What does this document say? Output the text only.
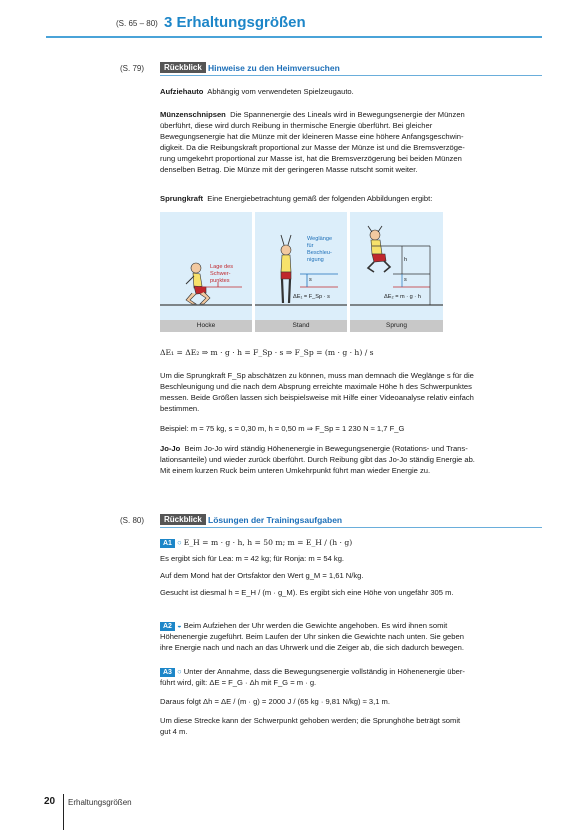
(S. 65 – 80) 3 Erhaltungsgrößen
(S. 79)	Rückblick Hinweise zu den Heimversuchen
Aufziehauto Abhängig vom verwendeten Spielzeugauto.
Münzenschnipsen Die Spannenergie des Lineals wird in Bewegungsenergie der Münzen
überführt, diese wird durch Reibung in thermische Energie überführt. Bei gleicher
Bewegungsenergie hat die Münze mit der kleineren Masse eine höhere Anfangsgeschwin-
digkeit. Da die Reibungskraft proportional zur Masse der Münze ist und die Bremsverzöge-
rung umgekehrt proportional zur Masse ist, hat die Bremsverzögerung bei beiden Münzen
denselben Betrag. Die Münze mit der geringeren Masse rutscht somit weiter.
Sprungkraft Eine Energiebetrachtung gemäß der folgenden Abbildungen ergibt:
Lage des
Schwer-
punktes
Weglänge
für
Beschleu-
nigung
s
ΔE₁ = F_Sp · s
h
s
ΔE₂ = m · g · h
Hocke	Stand	Sprung
ΔE₁ = ΔE₂ ⇒ m · g · h = F_Sp · s ⇒ F_Sp = (m · g · h) / s
Um die Sprungkraft F_Sp abschätzen zu können, muss man demnach die Weglänge s für die
Beschleunigung und die nach dem Absprung erreichte maximale Höhe h des Schwerpunktes
messen. Beide Größen lassen sich beispielsweise mit Hilfe einer Videoanalyse relativ einfach
bestimmen.
Beispiel: m = 75 kg, s = 0,30 m, h = 0,50 m ⇒ F_Sp = 1 230 N ≈ 1,7 F_G
Jo-Jo Beim Jo-Jo wird ständig Höhenenergie in Bewegungsenergie (Rotations- und Trans-
lationsanteile) und wieder zurück überführt. Durch Reibung gibt das Jo-Jo ständig Energie ab.
Mit einem kurzen Ruck beim unteren Umkehrpunkt führt man wieder Energie zu.
(S. 80)	Rückblick Lösungen der Trainingsaufgaben
A1 ○ E_H = m · g · h, h = 50 m; m = E_H / (h · g)
Es ergibt sich für Lea: m = 42 kg; für Ronja: m = 54 kg.
Auf dem Mond hat der Ortsfaktor den Wert g_M = 1,61 N/kg.
Gesucht ist diesmal h = E_H / (m · g_M). Es ergibt sich eine Höhe von ungefähr 305 m.
A2 ◒ Beim Aufziehen der Uhr werden die Gewichte angehoben. Es wird ihnen somit
Höhenenergie zugeführt. Beim Laufen der Uhr sinken die Gewichte nach unten. Sie geben
ihre Energie nach und nach an das Uhrwerk und die Zeiger ab, die sich dadurch bewegen.
A3 ○ Unter der Annahme, dass die Bewegungsenergie vollständig in Höhenenergie über-
führt wird, gilt: ΔE = F_G · Δh mit F_G = m · g.
Daraus folgt Δh = ΔE / (m · g) = 2000 J / (65 kg · 9,81 N/kg) ≈ 3,1 m.
Um diese Strecke kann der Schwerpunkt gehoben werden; die Sprunghöhe beträgt somit
gut 4 m.
20 Erhaltungsgrößen
